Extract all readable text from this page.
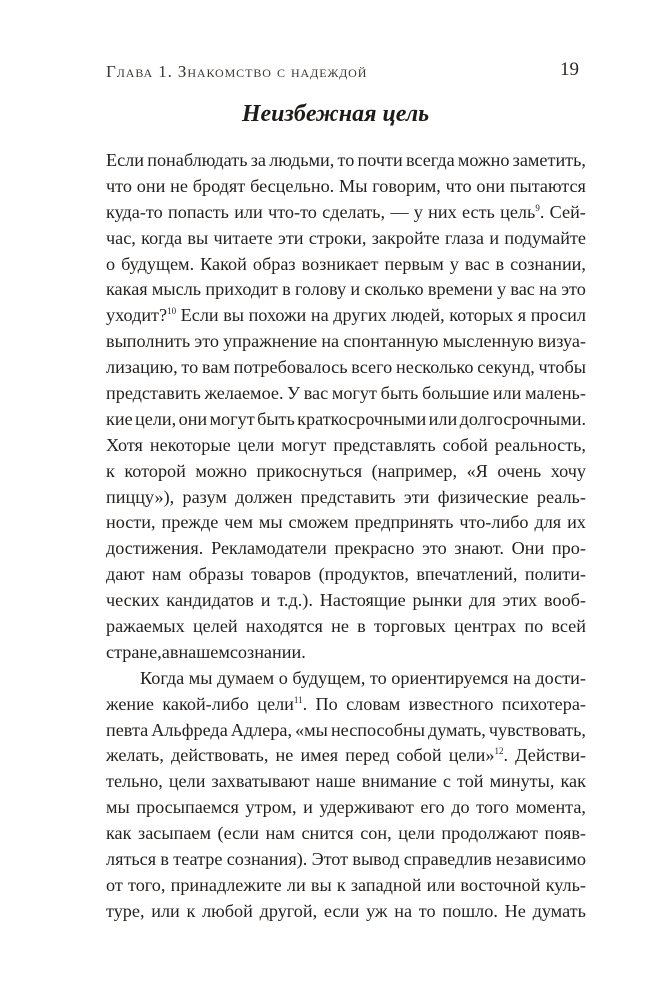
Глава 1. Знакомство с надеждой	19
Неизбежная цель
Если понаблюдать за людьми, то почти всегда можно заметить,
что они не бродят бесцельно. Мы говорим, что они пытаются
куда-то попасть или что-то сделать, — у них есть цель$^9$. Сей-
час, когда вы читаете эти строки, закройте глаза и подумайте
о будущем. Какой образ возникает первым у вас в сознании,
какая мысль приходит в голову и сколько времени у вас на это
уходит?$^{10}$ Если вы похожи на других людей, которых я просил
выполнить это упражнение на спонтанную мысленную визуа-
лизацию, то вам потребовалось всего несколько секунд, чтобы
представить желаемое. У вас могут быть большие или малень-
кие цели, они могут быть краткосрочными или долгосрочными.
Хотя некоторые цели могут представлять собой реальность,
к которой можно прикоснуться (например, «Я очень хочу
пиццу»), разум должен представить эти физические реаль-
ности, прежде чем мы сможем предпринять что-либо для их
достижения. Рекламодатели прекрасно это знают. Они про-
дают нам образы товаров (продуктов, впечатлений, полити-
ческих кандидатов и т.д.). Настоящие рынки для этих вооб-
ражаемых целей находятся не в торговых центрах по всей
стране, а в нашем сознании.
Когда мы думаем о будущем, то ориентируемся на дости-
жение какой-либо цели$^{11}$. По словам известного психотера-
певта Альфреда Адлера, «мы неспособны думать, чувствовать,
желать, действовать, не имея перед собой цели»$^{12}$. Действи-
тельно, цели захватывают наше внимание с той минуты, как
мы просыпаемся утром, и удерживают его до того момента,
как засыпаем (если нам снится сон, цели продолжают появ-
ляться в театре сознания). Этот вывод справедлив независимо
от того, принадлежите ли вы к западной или восточной куль-
туре, или к любой другой, если уж на то пошло. Не думать
